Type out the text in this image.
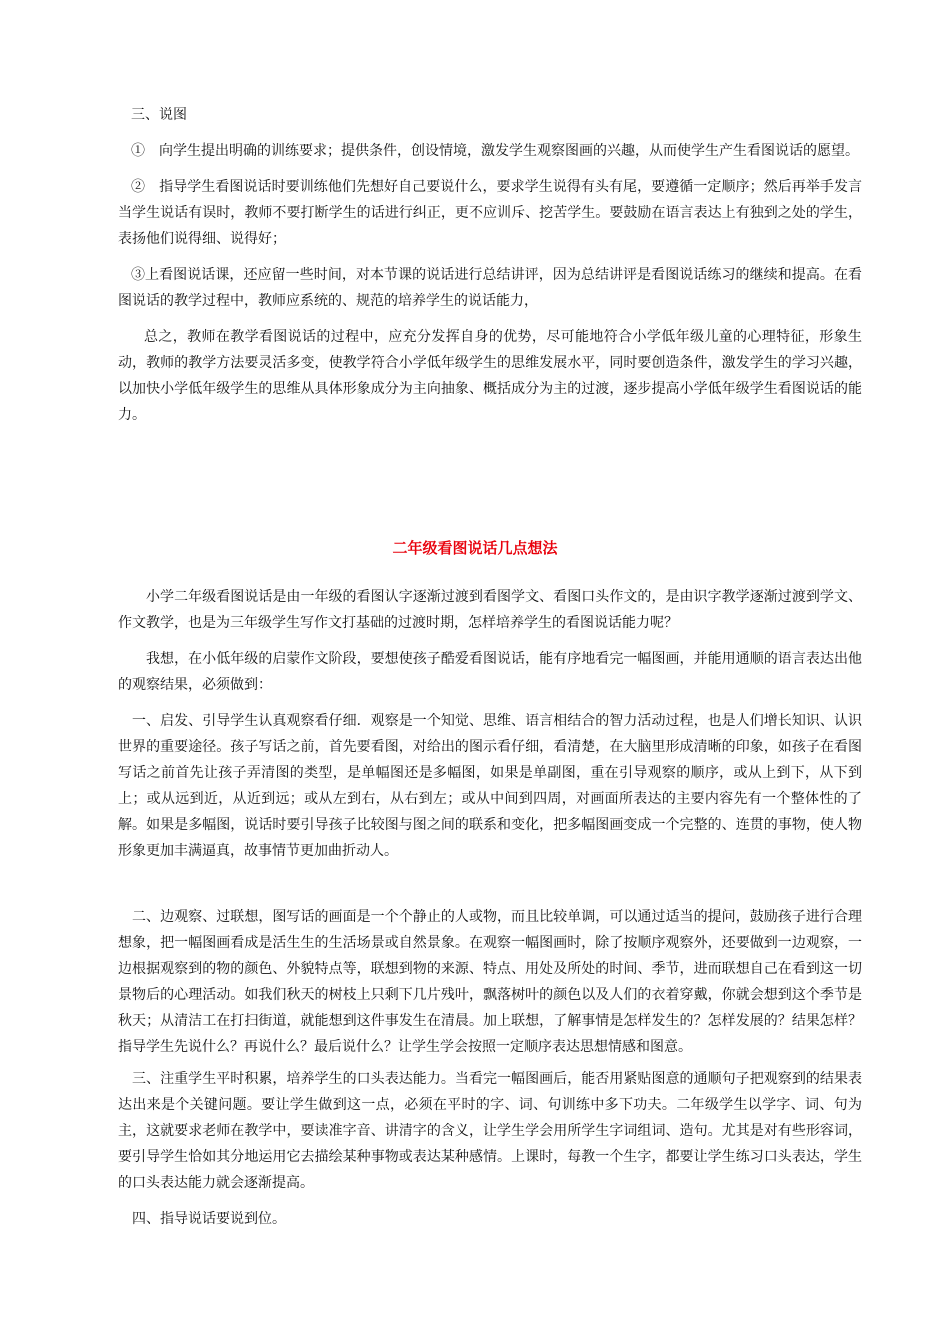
三、说图

①　向学生提出明确的训练要求；提供条件，创设情境，激发学生观察图画的兴趣，从而使学生产生看图说话的愿望。

②　指导学生看图说话时要训练他们先想好自己要说什么，要求学生说得有头有尾，要遵循一定顺序；然后再举手发言当学生说话有误时，教师不要打断学生的话进行纠正，更不应训斥、挖苦学生。要鼓励在语言表达上有独到之处的学生，表扬他们说得细、说得好；

③上看图说话课，还应留一些时间，对本节课的说话进行总结讲评，因为总结讲评是看图说话练习的继续和提高。在看图说话的教学过程中，教师应系统的、规范的培养学生的说话能力，

总之，教师在教学看图说话的过程中，应充分发挥自身的优势，尽可能地符合小学低年级儿童的心理特征，形象生动，教师的教学方法要灵活多变，使教学符合小学低年级学生的思维发展水平，同时要创造条件，激发学生的学习兴趣，以加快小学低年级学生的思维从具体形象成分为主向抽象、概括成分为主的过渡，逐步提高小学低年级学生看图说话的能力。

二年级看图说话几点想法

小学二年级看图说话是由一年级的看图认字逐渐过渡到看图学文、看图口头作文的，是由识字教学逐渐过渡到学文、作文教学，也是为三年级学生写作文打基础的过渡时期，怎样培养学生的看图说话能力呢？

我想，在小低年级的启蒙作文阶段，要想使孩子酷爱看图说话，能有序地看完一幅图画，并能用通顺的语言表达出他的观察结果，必须做到：

一、启发、引导学生认真观察看仔细．观察是一个知觉、思维、语言相结合的智力活动过程，也是人们增长知识、认识世界的重要途径。孩子写话之前，首先要看图，对给出的图示看仔细，看清楚，在大脑里形成清晰的印象，如孩子在看图写话之前首先让孩子弄清图的类型，是单幅图还是多幅图，如果是单副图，重在引导观察的顺序，或从上到下，从下到上；或从远到近，从近到远；或从左到右，从右到左；或从中间到四周，对画面所表达的主要内容先有一个整体性的了解。如果是多幅图，说话时要引导孩子比较图与图之间的联系和变化，把多幅图画变成一个完整的、连贯的事物，使人物形象更加丰满逼真，故事情节更加曲折动人。

二、边观察、过联想，图写话的画面是一个个静止的人或物，而且比较单调，可以通过适当的提问，鼓励孩子进行合理想象，把一幅图画看成是活生生的生活场景或自然景象。在观察一幅图画时，除了按顺序观察外，还要做到一边观察，一边根据观察到的物的颜色、外貌特点等，联想到物的来源、特点、用处及所处的时间、季节，进而联想自己在看到这一切景物后的心理活动。如我们秋天的树枝上只剩下几片残叶，飘落树叶的颜色以及人们的衣着穿戴，你就会想到这个季节是秋天；从清洁工在打扫街道，就能想到这件事发生在清晨。加上联想，了解事情是怎样发生的？怎样发展的？结果怎样？指导学生先说什么？再说什么？最后说什么？让学生学会按照一定顺序表达思想情感和图意。

三、注重学生平时积累，培养学生的口头表达能力。当看完一幅图画后，能否用紧贴图意的通顺句子把观察到的结果表达出来是个关键问题。要让学生做到这一点，必须在平时的字、词、句训练中多下功夫。二年级学生以学字、词、句为主，这就要求老师在教学中，要读准字音、讲清字的含义，让学生学会用所学生字词组词、造句。尤其是对有些形容词，要引导学生恰如其分地运用它去描绘某种事物或表达某种感情。上课时，每教一个生字，都要让学生练习口头表达，学生的口头表达能力就会逐渐提高。

四、指导说话要说到位。
